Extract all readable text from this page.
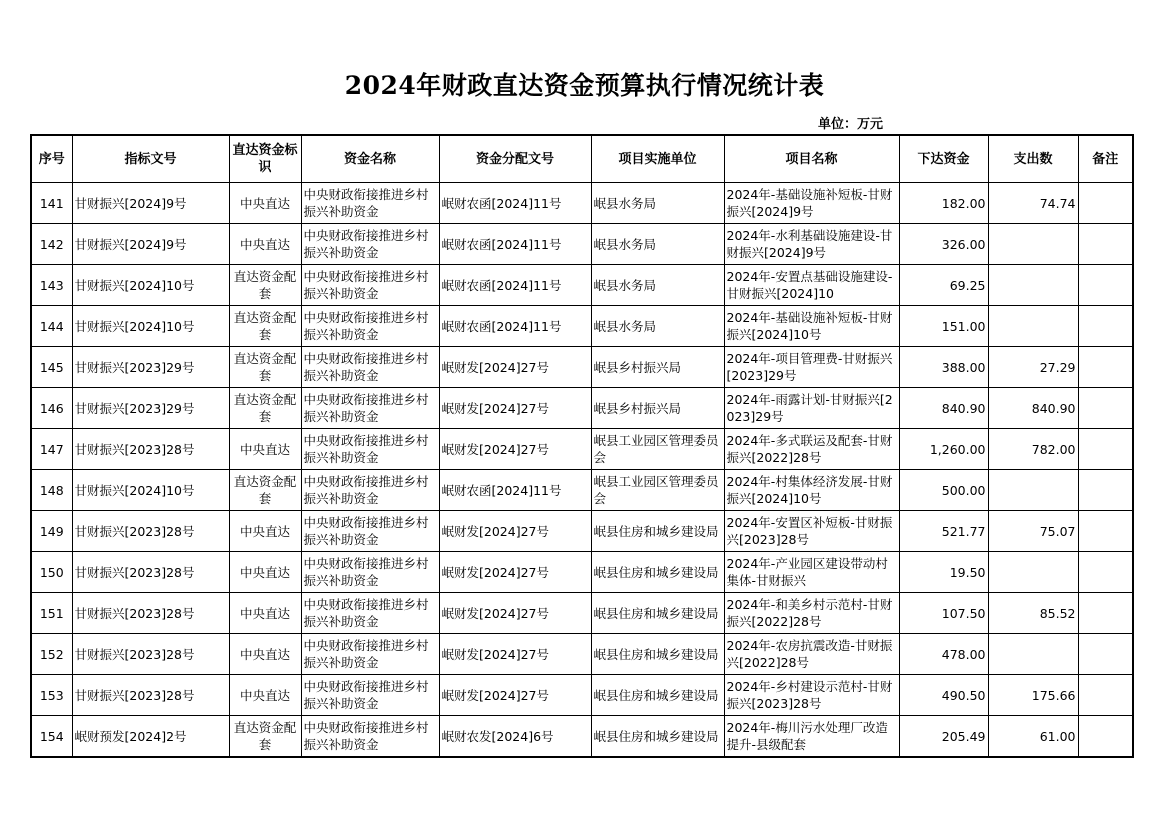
2024年财政直达资金预算执行情况统计表
单位：万元
序号	指标文号	直达资金标识	资金名称	资金分配文号	项目实施单位	项目名称	下达资金	支出数	备注
141	甘财振兴[2024]9号	中央直达	中央财政衔接推进乡村振兴补助资金	岷财农函[2024]11号	岷县水务局	2024年-基础设施补短板-甘财振兴[2024]9号	182.00	74.74	
142	甘财振兴[2024]9号	中央直达	中央财政衔接推进乡村振兴补助资金	岷财农函[2024]11号	岷县水务局	2024年-水利基础设施建设-甘财振兴[2024]9号	326.00		
143	甘财振兴[2024]10号	直达资金配套	中央财政衔接推进乡村振兴补助资金	岷财农函[2024]11号	岷县水务局	2024年-安置点基础设施建设-甘财振兴[2024]10	69.25		
144	甘财振兴[2024]10号	直达资金配套	中央财政衔接推进乡村振兴补助资金	岷财农函[2024]11号	岷县水务局	2024年-基础设施补短板-甘财振兴[2024]10号	151.00		
145	甘财振兴[2023]29号	直达资金配套	中央财政衔接推进乡村振兴补助资金	岷财发[2024]27号	岷县乡村振兴局	2024年-项目管理费-甘财振兴[2023]29号	388.00	27.29	
146	甘财振兴[2023]29号	直达资金配套	中央财政衔接推进乡村振兴补助资金	岷财发[2024]27号	岷县乡村振兴局	2024年-雨露计划-甘财振兴[2023]29号	840.90	840.90	
147	甘财振兴[2023]28号	中央直达	中央财政衔接推进乡村振兴补助资金	岷财发[2024]27号	岷县工业园区管理委员会	2024年-多式联运及配套-甘财振兴[2022]28号	1,260.00	782.00	
148	甘财振兴[2024]10号	直达资金配套	中央财政衔接推进乡村振兴补助资金	岷财农函[2024]11号	岷县工业园区管理委员会	2024年-村集体经济发展-甘财振兴[2024]10号	500.00		
149	甘财振兴[2023]28号	中央直达	中央财政衔接推进乡村振兴补助资金	岷财发[2024]27号	岷县住房和城乡建设局	2024年-安置区补短板-甘财振兴[2023]28号	521.77	75.07	
150	甘财振兴[2023]28号	中央直达	中央财政衔接推进乡村振兴补助资金	岷财发[2024]27号	岷县住房和城乡建设局	2024年-产业园区建设带动村集体-甘财振兴	19.50		
151	甘财振兴[2023]28号	中央直达	中央财政衔接推进乡村振兴补助资金	岷财发[2024]27号	岷县住房和城乡建设局	2024年-和美乡村示范村-甘财振兴[2022]28号	107.50	85.52	
152	甘财振兴[2023]28号	中央直达	中央财政衔接推进乡村振兴补助资金	岷财发[2024]27号	岷县住房和城乡建设局	2024年-农房抗震改造-甘财振兴[2022]28号	478.00		
153	甘财振兴[2023]28号	中央直达	中央财政衔接推进乡村振兴补助资金	岷财发[2024]27号	岷县住房和城乡建设局	2024年-乡村建设示范村-甘财振兴[2023]28号	490.50	175.66	
154	岷财预发[2024]2号	直达资金配套	中央财政衔接推进乡村振兴补助资金	岷财农发[2024]6号	岷县住房和城乡建设局	2024年-梅川污水处理厂改造提升-县级配套	205.49	61.00	
